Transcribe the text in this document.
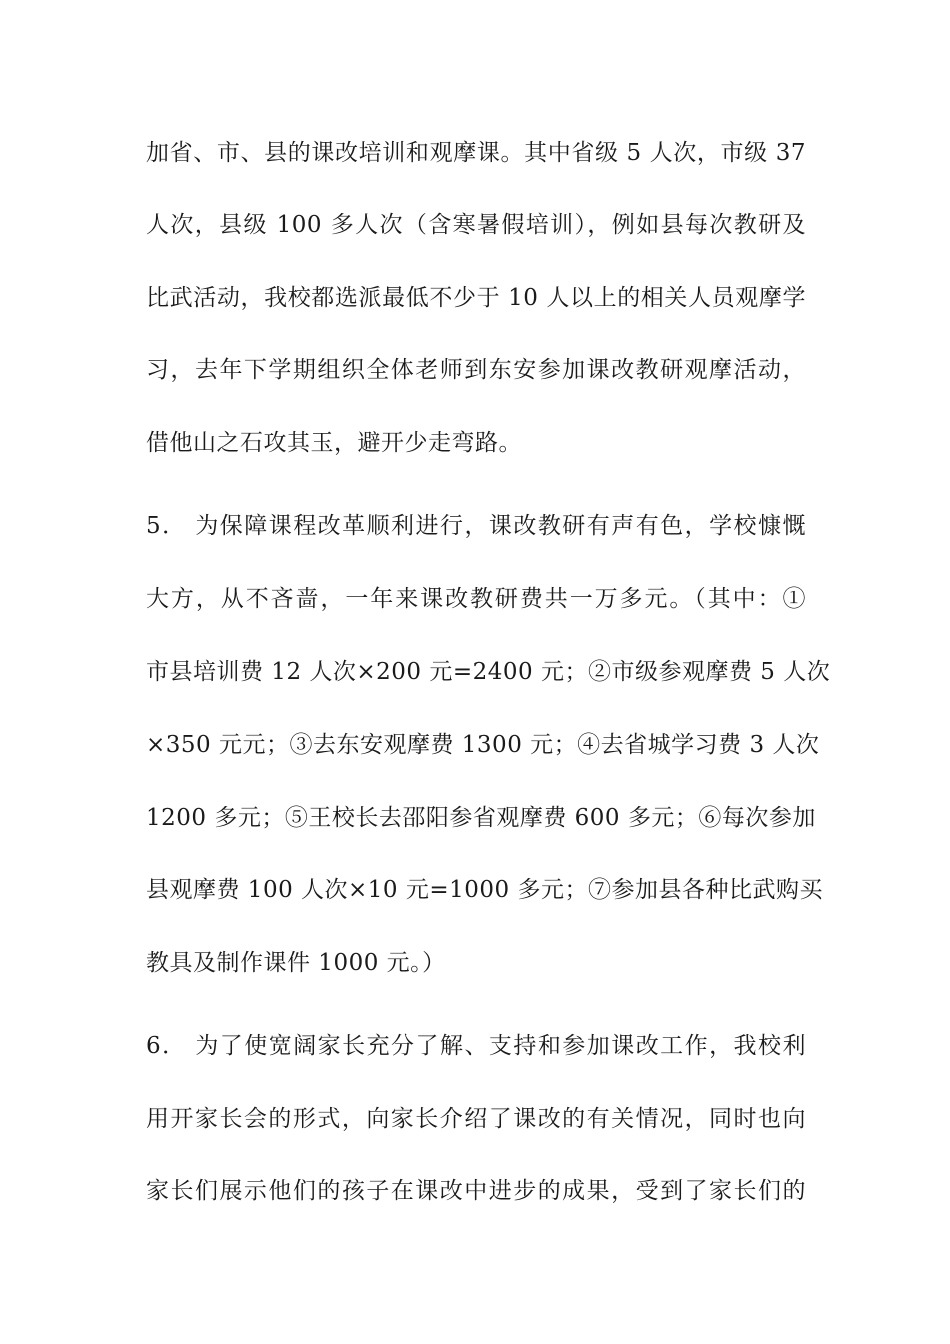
加省、市、县的课改培训和观摩课。其中省级 5 人次，市级 37
人次，县级 100 多人次（含寒暑假培训），例如县每次教研及
比武活动，我校都选派最低不少于 10 人以上的相关人员观摩学
习，去年下学期组织全体老师到东安参加课改教研观摩活动，
借他山之石攻其玉，避开少走弯路。
5． 为保障课程改革顺利进行，课改教研有声有色，学校慷慨
大方，从不吝啬，一年来课改教研费共一万多元。（其中：①
市县培训费 12 人次×200 元=2400 元；②市级参观摩费 5 人次
×350 元元；③去东安观摩费 1300 元；④去省城学习费 3 人次
1200 多元；⑤王校长去邵阳参省观摩费 600 多元；⑥每次参加
县观摩费 100 人次×10 元=1000 多元；⑦参加县各种比武购买
教具及制作课件 1000 元。）
6． 为了使宽阔家长充分了解、支持和参加课改工作，我校利
用开家长会的形式，向家长介绍了课改的有关情况，同时也向
家长们展示他们的孩子在课改中进步的成果，受到了家长们的
